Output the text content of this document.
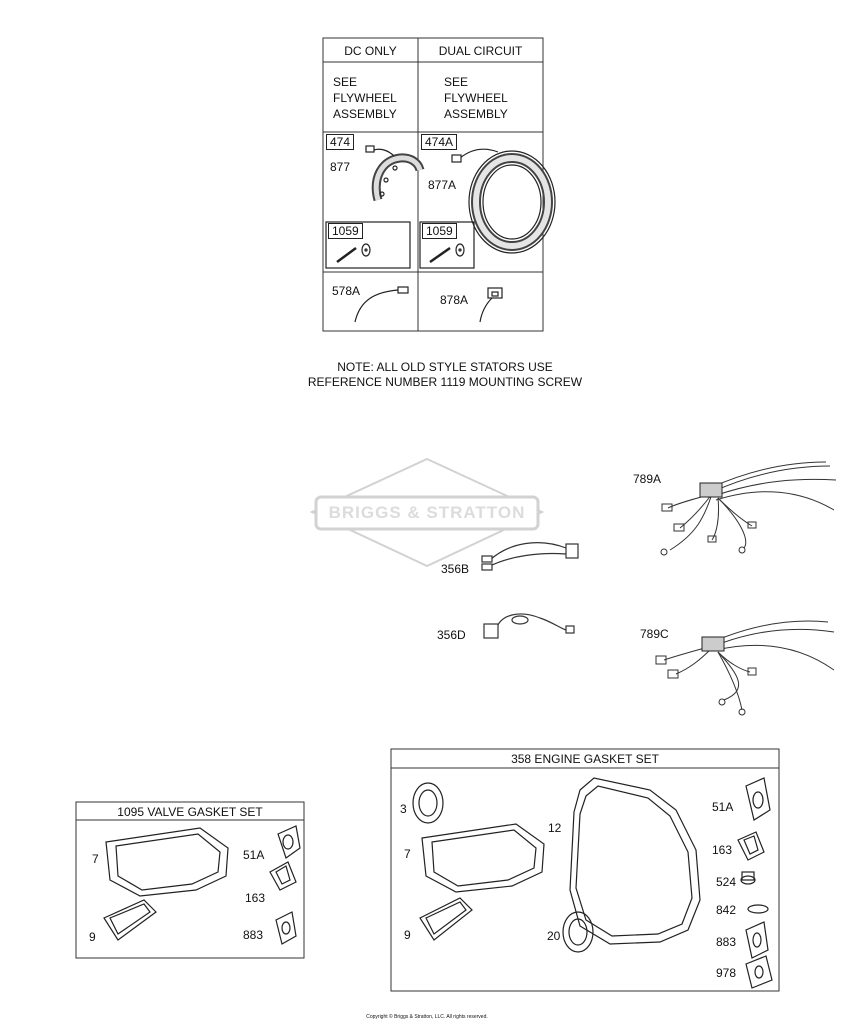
DC ONLY	DUAL CIRCUIT
SEE
FLYWHEEL
ASSEMBLY
SEE
FLYWHEEL
ASSEMBLY
474
877
1059
578A
474A
877A
1059
878A
NOTE: ALL OLD STYLE STATORS USE
REFERENCE NUMBER 1119 MOUNTING SCREW
BRIGGS & STRATTON
789A
356B
356D	789C
1095 VALVE GASKET SET
7
9
51A
163
883
358 ENGINE GASKET SET
3
7
9
12
20
51A
163
524
842
883
978
Copyright © Briggs & Stratton, LLC. All rights reserved.
